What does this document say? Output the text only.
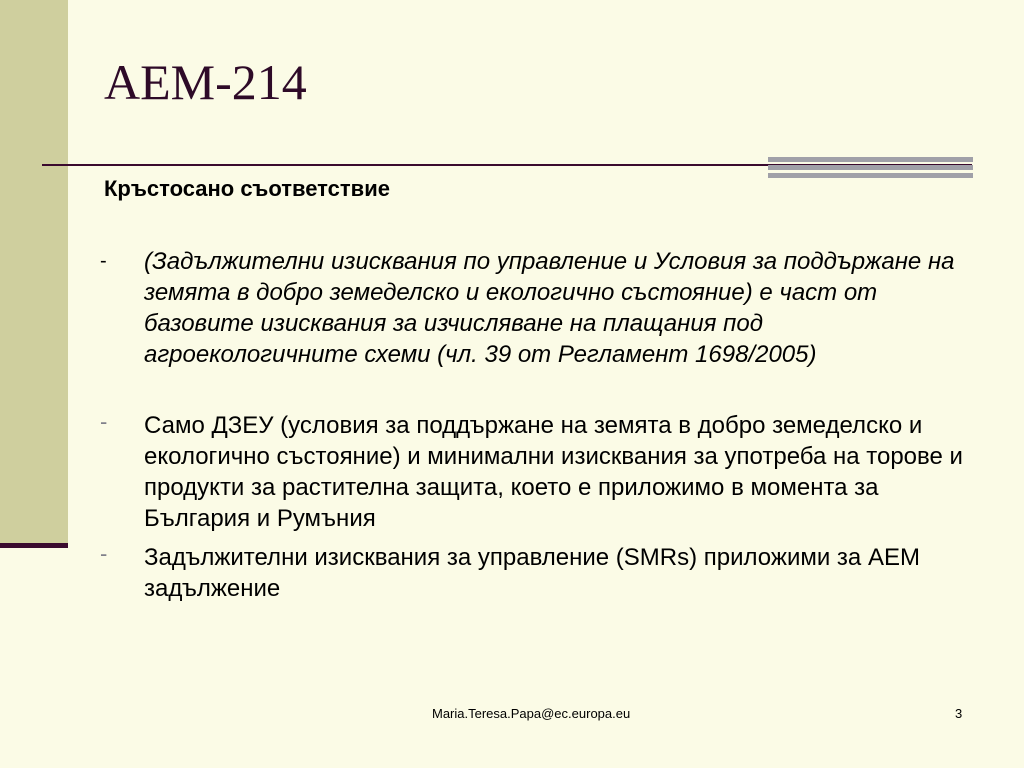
АЕМ-214
Кръстосано съответствие
- (Задължителни изисквания по управление и Условия за поддържане на земята в добро земеделско и екологично състояние) е част от базовите изисквания за изчисляване на плащания под агроекологичните схеми (чл. 39 от Регламент 1698/2005)
- Само ДЗЕУ (условия за поддържане на земята в добро земеделско и екологично състояние) и минимални изисквания за употреба на торове и продукти за растителна защита, което е приложимо в момента за България и Румъния
- Задължителни изисквания за управление (SMRs) приложими за АЕМ задължение
Maria.Teresa.Papa@ec.europa.eu	3
